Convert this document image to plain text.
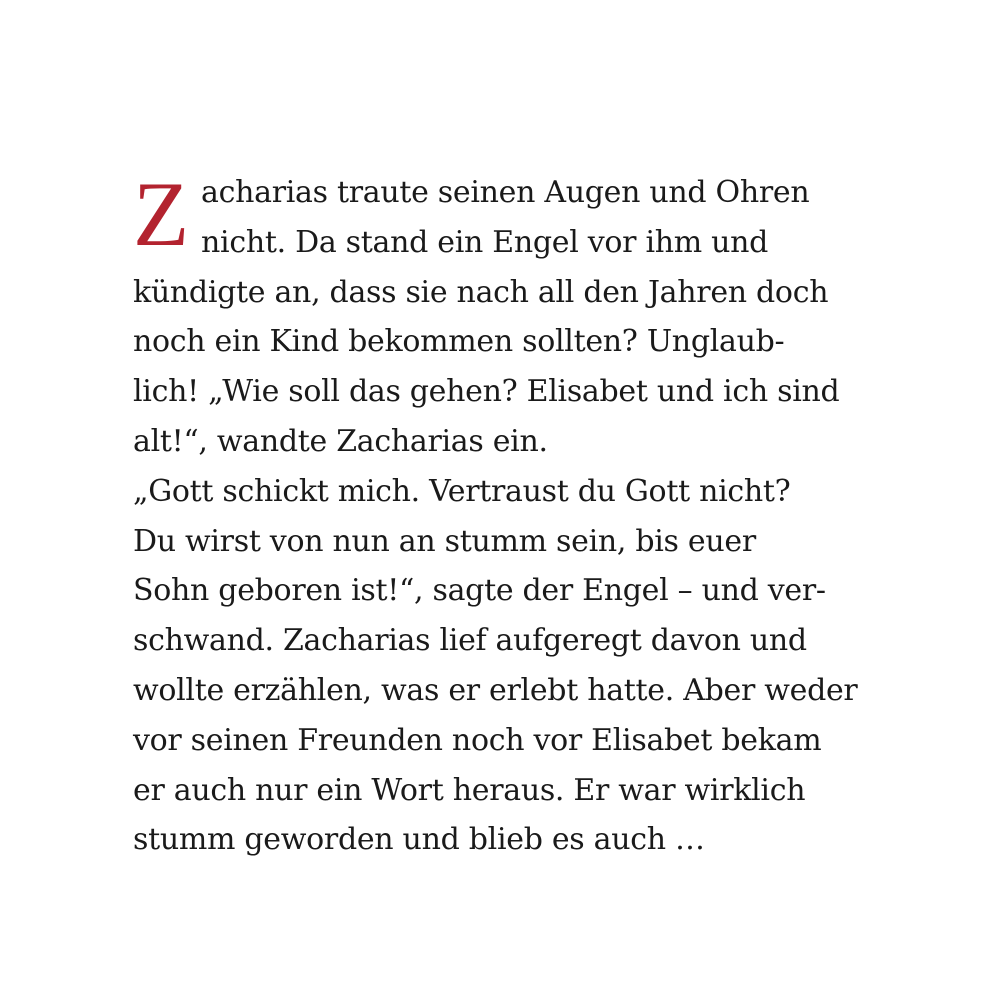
Z acharias traute seinen Augen und Ohren
nicht. Da stand ein Engel vor ihm und
kündigte an, dass sie nach all den Jahren doch
noch ein Kind bekommen sollten? Unglaub-
lich! „Wie soll das gehen? Elisabet und ich sind
alt!“, wandte Zacharias ein.
„Gott schickt mich. Vertraust du Gott nicht?
Du wirst von nun an stumm sein, bis euer
Sohn geboren ist!“, sagte der Engel – und ver-
schwand. Zacharias lief aufgeregt davon und
wollte erzählen, was er erlebt hatte. Aber weder
vor seinen Freunden noch vor Elisabet bekam
er auch nur ein Wort heraus. Er war wirklich
stumm geworden und blieb es auch …
